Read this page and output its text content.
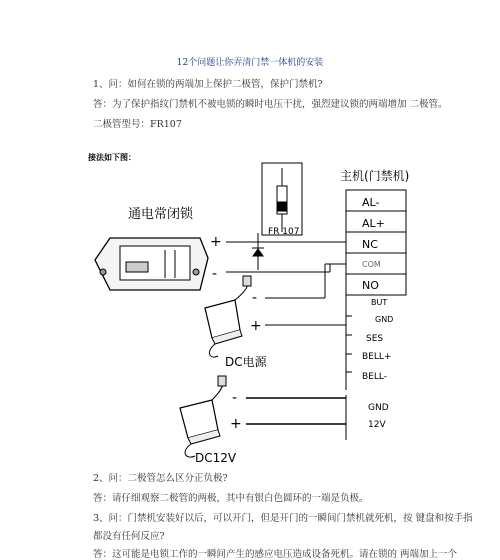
12个问题让你弄清门禁一体机的安装
1、问：如何在锁的两端加上保护二极管，保护门禁机?
答：为了保护指纹门禁机不被电锁的瞬时电压干扰，强烈建议锁的两端增加 二极管。
二极管型号：FR107
接法如下图：
2、问：二极管怎么区分正负极?
答：请仔细观察二极管的两极，其中有银白色圆环的一端是负极。
3、问：门禁机安装好以后，可以开门，但是开门的一瞬间门禁机就死机，按 键盘和按手指
都没有任何反应?
答：这可能是电锁工作的一瞬间产生的感应电压造成设备死机。请在锁的 两端加上一个
通电常闭锁
主机(门禁机)
AL-
AL+
NC
COM
NO
BUT
GND
SES
BELL+
BELL-
GND
12V
FR 107
+
-
-
+
DC电源
-
+
DC12V
